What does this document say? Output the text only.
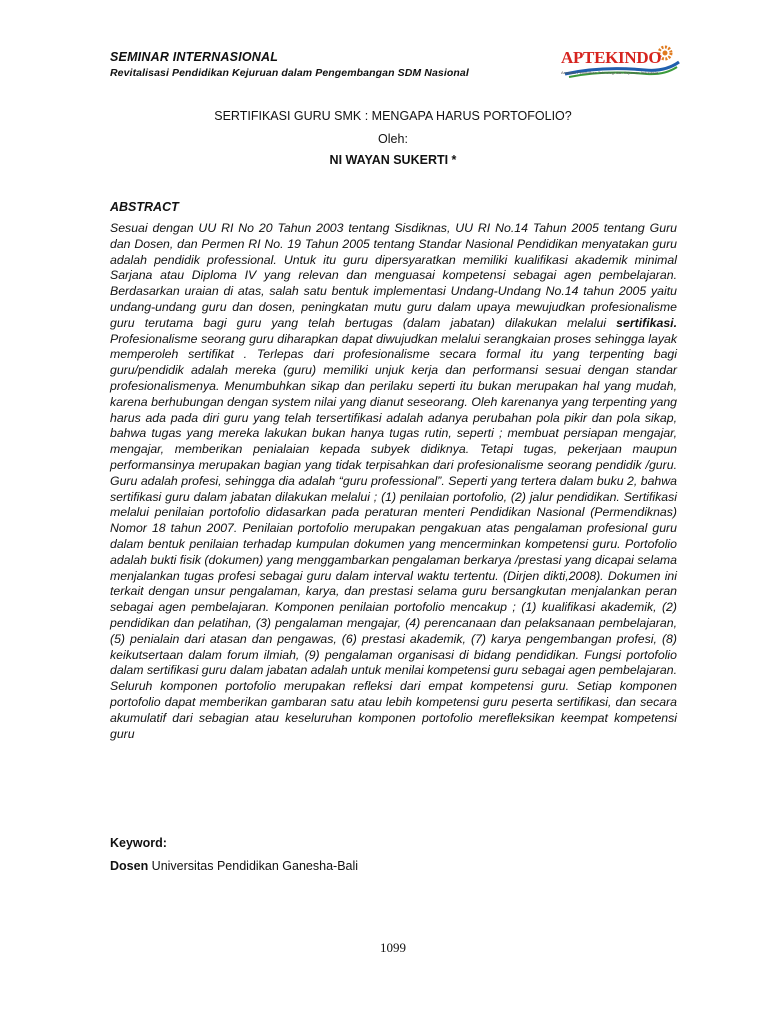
SEMINAR INTERNASIONAL
Revitalisasi Pendidikan Kejuruan dalam Pengembangan SDM Nasional
APTEKINDO
Asosiasi Pendidikan Teknologi dan Kejuruan Indonesia
SERTIFIKASI GURU SMK : MENGAPA HARUS PORTOFOLIO?
Oleh:
NI WAYAN SUKERTI *
ABSTRACT

Sesuai dengan UU RI No 20 Tahun 2003 tentang Sisdiknas, UU RI No.14 Tahun 2005 tentang Guru dan Dosen, dan Permen RI No. 19 Tahun 2005 tentang Standar Nasional Pendidikan menyatakan guru adalah pendidik professional. Untuk itu guru dipersyaratkan memiliki kualifikasi akademik minimal Sarjana atau Diploma IV yang relevan dan menguasai kompetensi sebagai agen pembelajaran. Berdasarkan uraian di atas, salah satu bentuk implementasi Undang-Undang No.14 tahun 2005 yaitu undang-undang guru dan dosen, peningkatan mutu guru dalam upaya mewujudkan profesionalisme guru terutama bagi guru yang telah bertugas (dalam jabatan) dilakukan melalui sertifikasi. Profesionalisme seorang guru diharapkan dapat diwujudkan melalui serangkaian proses sehingga layak memperoleh sertifikat . Terlepas dari profesionalisme secara formal itu yang terpenting bagi guru/pendidik adalah mereka (guru) memiliki unjuk kerja dan performansi sesuai dengan standar profesionalismenya. Menumbuhkan sikap dan perilaku seperti itu bukan merupakan hal yang mudah, karena berhubungan dengan system nilai yang dianut seseorang. Oleh karenanya yang terpenting yang harus ada pada diri guru yang telah tersertifikasi adalah adanya perubahan pola pikir dan pola sikap, bahwa tugas yang mereka lakukan bukan hanya tugas rutin, seperti ; membuat persiapan mengajar, mengajar, memberikan penialaian kepada subyek didiknya. Tetapi tugas, pekerjaan maupun performansinya merupakan bagian yang tidak terpisahkan dari profesionalisme seorang pendidik /guru. Guru adalah profesi, sehingga dia adalah “guru professional”. Seperti yang tertera dalam buku 2, bahwa sertifikasi guru dalam jabatan dilakukan melalui ; (1) penilaian portofolio, (2) jalur pendidikan. Sertifikasi melalui penilaian portofolio didasarkan pada peraturan menteri Pendidikan Nasional (Permendiknas) Nomor 18 tahun 2007. Penilaian portofolio merupakan pengakuan atas pengalaman profesional guru dalam bentuk penilaian terhadap kumpulan dokumen yang mencerminkan kompetensi guru. Portofolio adalah bukti fisik (dokumen) yang menggambarkan pengalaman berkarya /prestasi yang dicapai selama menjalankan tugas profesi sebagai guru dalam interval waktu tertentu. (Dirjen dikti,2008). Dokumen ini terkait dengan unsur pengalaman, karya, dan prestasi selama guru bersangkutan menjalankan peran sebagai agen pembelajaran. Komponen penilaian portofolio mencakup ; (1) kualifikasi akademik, (2) pendidikan dan pelatihan, (3) pengalaman mengajar, (4) perencanaan dan pelaksanaan pembelajaran, (5) penialain dari atasan dan pengawas, (6) prestasi akademik, (7) karya pengembangan profesi, (8) keikutsertaan dalam forum ilmiah, (9) pengalaman organisasi di bidang pendidikan. Fungsi portofolio dalam sertifikasi guru dalam jabatan adalah untuk menilai kompetensi guru sebagai agen pembelajaran. Seluruh komponen portofolio merupakan refleksi dari empat kompetensi guru. Setiap komponen portofolio dapat memberikan gambaran satu atau lebih kompetensi guru peserta sertifikasi, dan secara akumulatif dari sebagian atau keseluruhan komponen portofolio merefleksikan keempat kompetensi guru

Keyword:
Dosen Universitas Pendidikan Ganesha-Bali
1099
